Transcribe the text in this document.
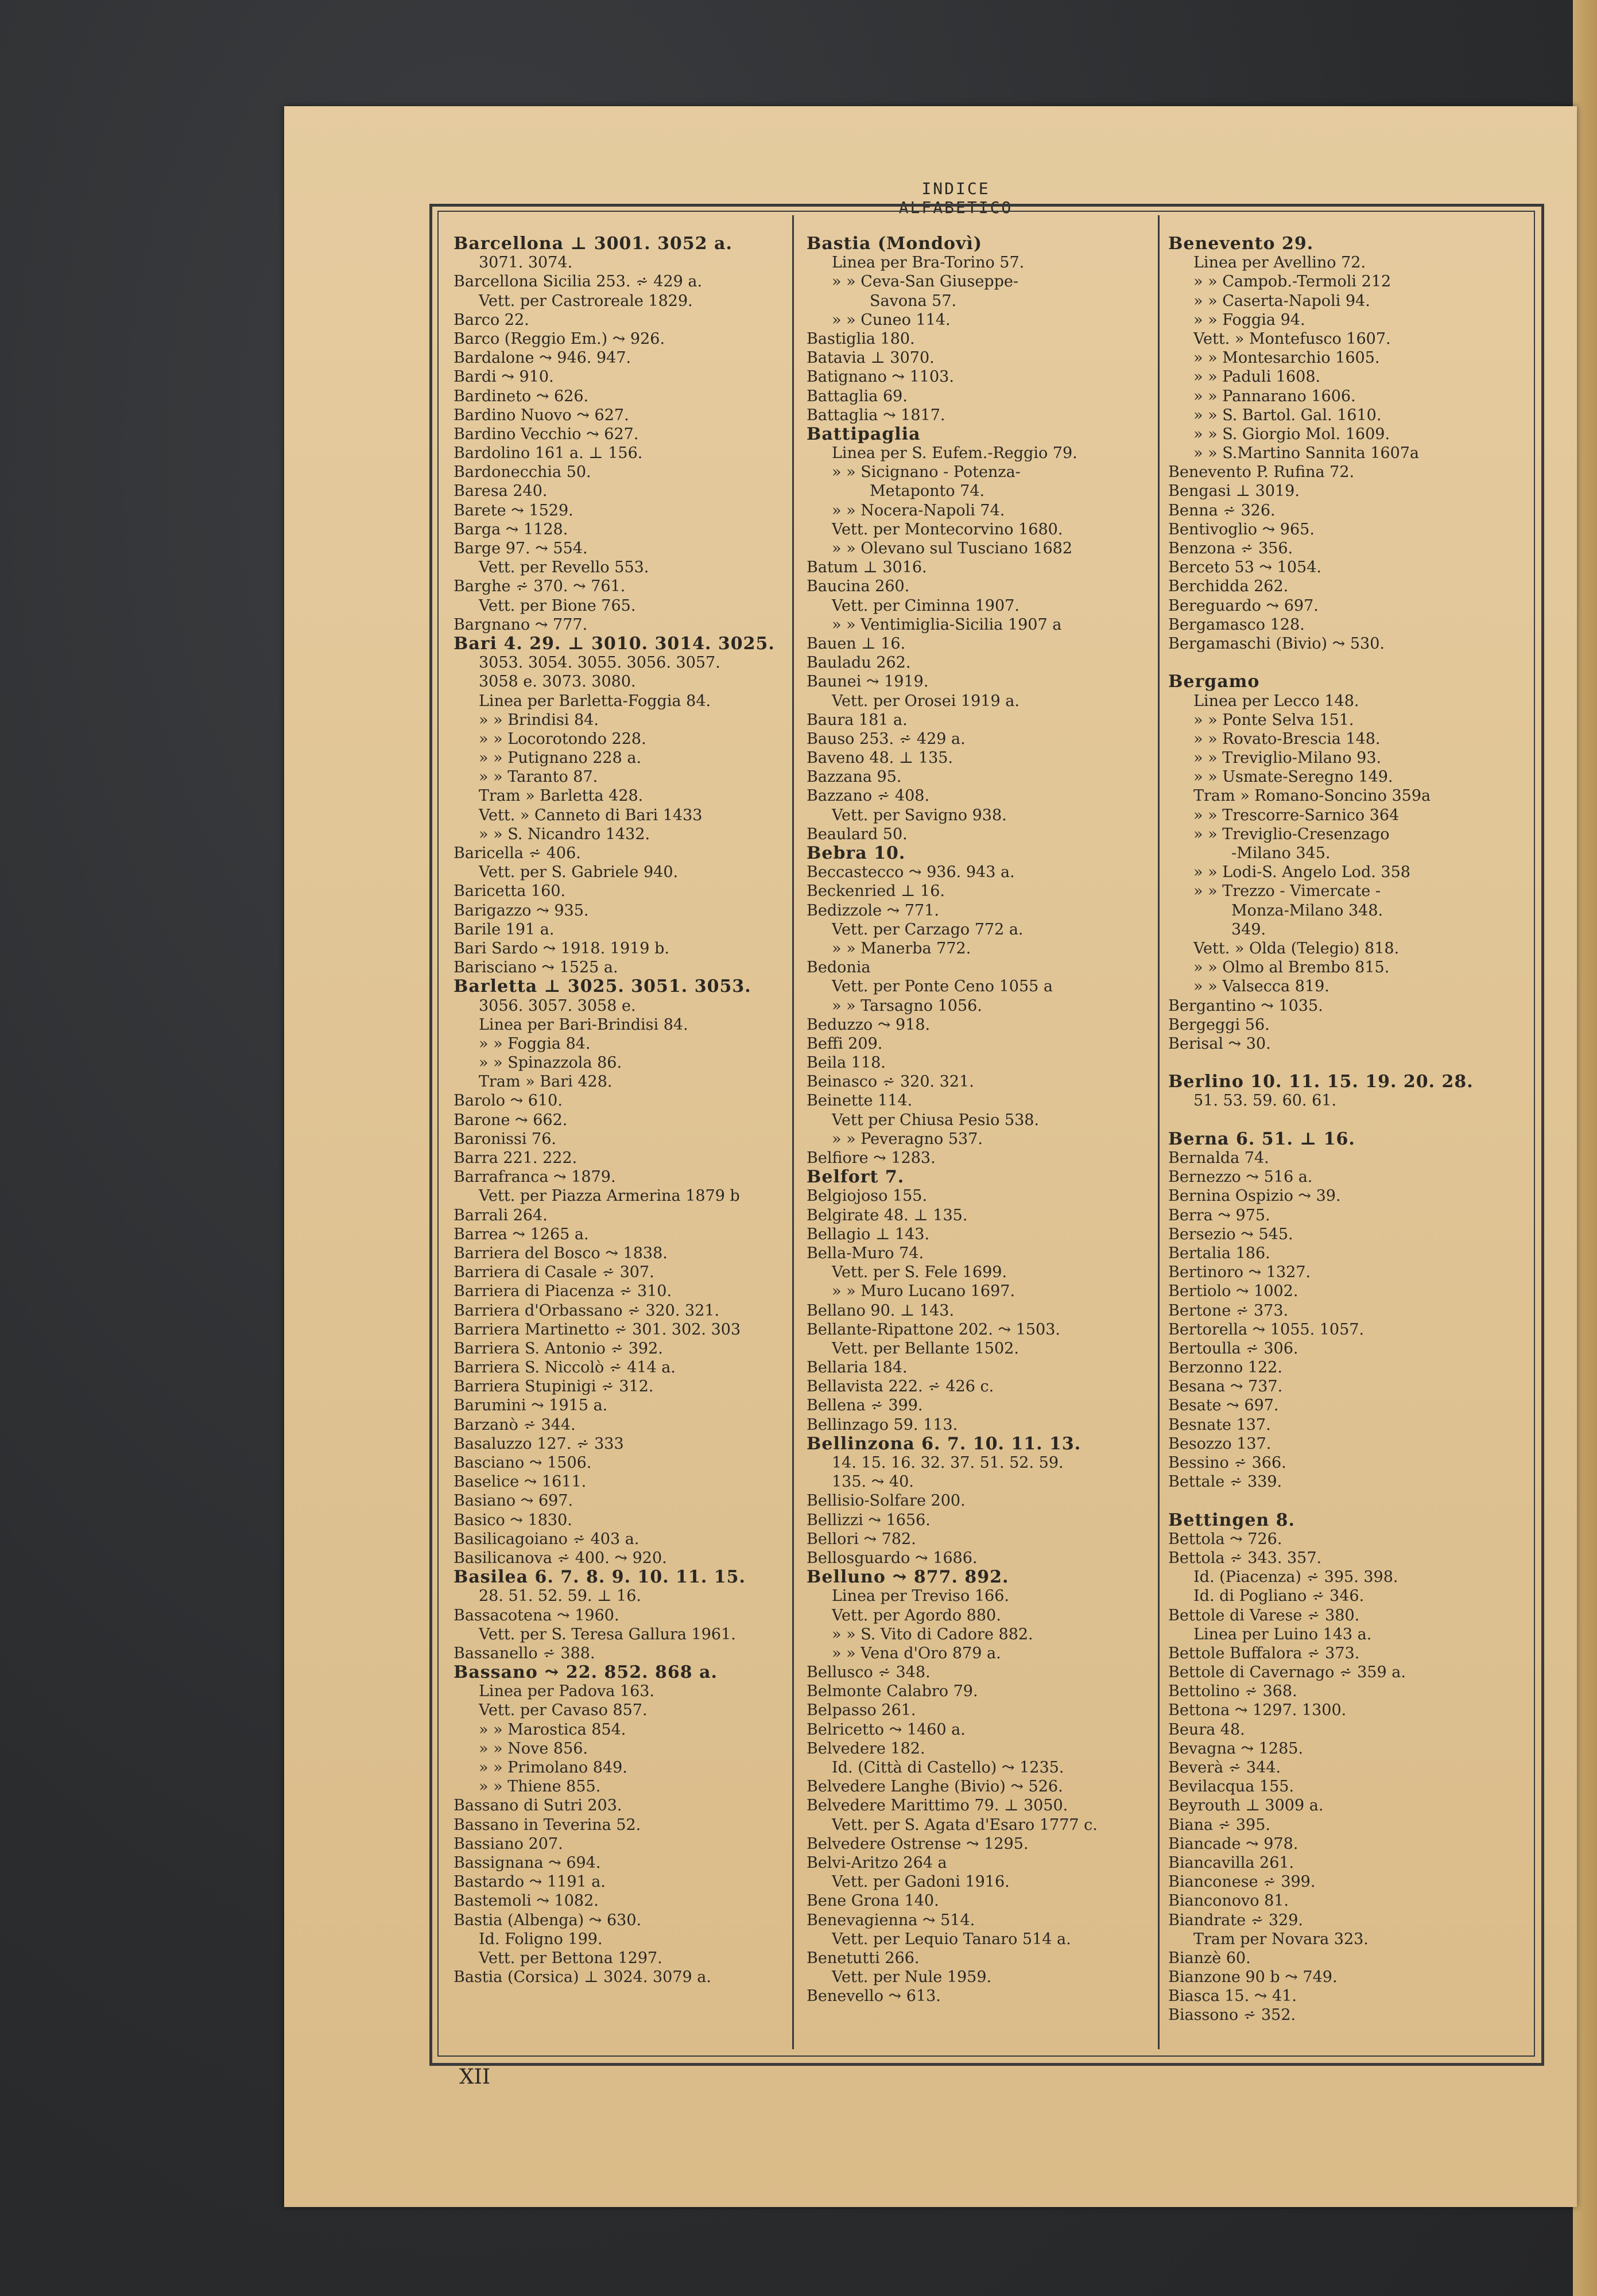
INDICE ALFABETICO
Barcellona ⊥ 3001. 3052 a.
3071. 3074.
Barcellona Sicilia 253. ⩫ 429 a.
Vett. per Castroreale 1829.
Barco 22.
Barco (Reggio Em.) ⤳ 926.
Bardalone ⤳ 946. 947.
Bardi ⤳ 910.
Bardineto ⤳ 626.
Bardino Nuovo ⤳ 627.
Bardino Vecchio ⤳ 627.
Bardolino 161 a. ⊥ 156.
Bardonecchia 50.
Baresa 240.
Barete ⤳ 1529.
Barga ⤳ 1128.
Barge 97. ⤳ 554.
Vett. per Revello 553.
Barghe ⩫ 370. ⤳ 761.
Vett. per Bione 765.
Bargnano ⤳ 777.
Bari 4. 29. ⊥ 3010. 3014. 3025.
3053. 3054. 3055. 3056. 3057.
3058 e. 3073. 3080.
Linea per Barletta-Foggia 84.
» » Brindisi 84.
» » Locorotondo 228.
» » Putignano 228 a.
» » Taranto 87.
Tram » Barletta 428.
Vett. » Canneto di Bari 1433
» » S. Nicandro 1432.
Baricella ⩫ 406.
Vett. per S. Gabriele 940.
Baricetta 160.
Barigazzo ⤳ 935.
Barile 191 a.
Bari Sardo ⤳ 1918. 1919 b.
Barisciano ⤳ 1525 a.
Barletta ⊥ 3025. 3051. 3053.
3056. 3057. 3058 e.
Linea per Bari-Brindisi 84.
» » Foggia 84.
» » Spinazzola 86.
Tram » Bari 428.
Barolo ⤳ 610.
Barone ⤳ 662.
Baronissi 76.
Barra 221. 222.
Barrafranca ⤳ 1879.
Vett. per Piazza Armerina 1879 b
Barrali 264.
Barrea ⤳ 1265 a.
Barriera del Bosco ⤳ 1838.
Barriera di Casale ⩫ 307.
Barriera di Piacenza ⩫ 310.
Barriera d'Orbassano ⩫ 320. 321.
Barriera Martinetto ⩫ 301. 302. 303
Barriera S. Antonio ⩫ 392.
Barriera S. Niccolò ⩫ 414 a.
Barriera Stupinigi ⩫ 312.
Barumini ⤳ 1915 a.
Barzanò ⩫ 344.
Basaluzzo 127. ⩫ 333
Basciano ⤳ 1506.
Baselice ⤳ 1611.
Basiano ⤳ 697.
Basico ⤳ 1830.
Basilicagoiano ⩫ 403 a.
Basilicanova ⩫ 400. ⤳ 920.
Basilea 6. 7. 8. 9. 10. 11. 15.
28. 51. 52. 59. ⊥ 16.
Bassacotena ⤳ 1960.
Vett. per S. Teresa Gallura 1961.
Bassanello ⩫ 388.
Bassano ⤳ 22. 852. 868 a.
Linea per Padova 163.
Vett. per Cavaso 857.
» » Marostica 854.
» » Nove 856.
» » Primolano 849.
» » Thiene 855.
Bassano di Sutri 203.
Bassano in Teverina 52.
Bassiano 207.
Bassignana ⤳ 694.
Bastardo ⤳ 1191 a.
Bastemoli ⤳ 1082.
Bastia (Albenga) ⤳ 630.
Id. Foligno 199.
Vett. per Bettona 1297.
Bastia (Corsica) ⊥ 3024. 3079 a.
Bastia (Mondovì)
Linea per Bra-Torino 57.
» » Ceva-San Giuseppe-
Savona 57.
» » Cuneo 114.
Bastiglia 180.
Batavia ⊥ 3070.
Batignano ⤳ 1103.
Battaglia 69.
Battaglia ⤳ 1817.
Battipaglia
Linea per S. Eufem.-Reggio 79.
» » Sicignano - Potenza-
Metaponto 74.
» » Nocera-Napoli 74.
Vett. per Montecorvino 1680.
» » Olevano sul Tusciano 1682
Batum ⊥ 3016.
Baucina 260.
Vett. per Ciminna 1907.
» » Ventimiglia-Sicilia 1907 a
Bauen ⊥ 16.
Bauladu 262.
Baunei ⤳ 1919.
Vett. per Orosei 1919 a.
Baura 181 a.
Bauso 253. ⩫ 429 a.
Baveno 48. ⊥ 135.
Bazzana 95.
Bazzano ⩫ 408.
Vett. per Savigno 938.
Beaulard 50.
Bebra 10.
Beccastecco ⤳ 936. 943 a.
Beckenried ⊥ 16.
Bedizzole ⤳ 771.
Vett. per Carzago 772 a.
» » Manerba 772.
Bedonia
Vett. per Ponte Ceno 1055 a
» » Tarsagno 1056.
Beduzzo ⤳ 918.
Beffi 209.
Beila 118.
Beinasco ⩫ 320. 321.
Beinette 114.
Vett per Chiusa Pesio 538.
» » Peveragno 537.
Belfiore ⤳ 1283.
Belfort 7.
Belgiojoso 155.
Belgirate 48. ⊥ 135.
Bellagio ⊥ 143.
Bella-Muro 74.
Vett. per S. Fele 1699.
» » Muro Lucano 1697.
Bellano 90. ⊥ 143.
Bellante-Ripattone 202. ⤳ 1503.
Vett. per Bellante 1502.
Bellaria 184.
Bellavista 222. ⩫ 426 c.
Bellena ⩫ 399.
Bellinzago 59. 113.
Bellinzona 6. 7. 10. 11. 13.
14. 15. 16. 32. 37. 51. 52. 59.
135. ⤳ 40.
Bellisio-Solfare 200.
Bellizzi ⤳ 1656.
Bellori ⤳ 782.
Bellosguardo ⤳ 1686.
Belluno ⤳ 877. 892.
Linea per Treviso 166.
Vett. per Agordo 880.
» » S. Vito di Cadore 882.
» » Vena d'Oro 879 a.
Bellusco ⩫ 348.
Belmonte Calabro 79.
Belpasso 261.
Belricetto ⤳ 1460 a.
Belvedere 182.
Id. (Città di Castello) ⤳ 1235.
Belvedere Langhe (Bivio) ⤳ 526.
Belvedere Marittimo 79. ⊥ 3050.
Vett. per S. Agata d'Esaro 1777 c.
Belvedere Ostrense ⤳ 1295.
Belvi-Aritzo 264 a
Vett. per Gadoni 1916.
Bene Grona 140.
Benevagienna ⤳ 514.
Vett. per Lequio Tanaro 514 a.
Benetutti 266.
Vett. per Nule 1959.
Benevello ⤳ 613.
Benevento 29.
Linea per Avellino 72.
» » Campob.-Termoli 212
» » Caserta-Napoli 94.
» » Foggia 94.
Vett. » Montefusco 1607.
» » Montesarchio 1605.
» » Paduli 1608.
» » Pannarano 1606.
» » S. Bartol. Gal. 1610.
» » S. Giorgio Mol. 1609.
» » S.Martino Sannita 1607a
Benevento P. Rufina 72.
Bengasi ⊥ 3019.
Benna ⩫ 326.
Bentivoglio ⤳ 965.
Benzona ⩫ 356.
Berceto 53 ⤳ 1054.
Berchidda 262.
Bereguardo ⤳ 697.
Bergamasco 128.
Bergamaschi (Bivio) ⤳ 530.
Bergamo
Linea per Lecco 148.
» » Ponte Selva 151.
» » Rovato-Brescia 148.
» » Treviglio-Milano 93.
» » Usmate-Seregno 149.
Tram » Romano-Soncino 359a
» » Trescorre-Sarnico 364
» » Treviglio-Cresenzago
-Milano 345.
» » Lodi-S. Angelo Lod. 358
» » Trezzo - Vimercate -
Monza-Milano 348.
349.
Vett. » Olda (Telegio) 818.
» » Olmo al Brembo 815.
» » Valsecca 819.
Bergantino ⤳ 1035.
Bergeggi 56.
Berisal ⤳ 30.
Berlino 10. 11. 15. 19. 20. 28.
51. 53. 59. 60. 61.
Berna 6. 51. ⊥ 16.
Bernalda 74.
Bernezzo ⤳ 516 a.
Bernina Ospizio ⤳ 39.
Berra ⤳ 975.
Bersezio ⤳ 545.
Bertalia 186.
Bertinoro ⤳ 1327.
Bertiolo ⤳ 1002.
Bertone ⩫ 373.
Bertorella ⤳ 1055. 1057.
Bertoulla ⩫ 306.
Berzonno 122.
Besana ⤳ 737.
Besate ⤳ 697.
Besnate 137.
Besozzo 137.
Bessino ⩫ 366.
Bettale ⩫ 339.
Bettingen 8.
Bettola ⤳ 726.
Bettola ⩫ 343. 357.
Id. (Piacenza) ⩫ 395. 398.
Id. di Pogliano ⩫ 346.
Bettole di Varese ⩫ 380.
Linea per Luino 143 a.
Bettole Buffalora ⩫ 373.
Bettole di Cavernago ⩫ 359 a.
Bettolino ⩫ 368.
Bettona ⤳ 1297. 1300.
Beura 48.
Bevagna ⤳ 1285.
Beverà ⩫ 344.
Bevilacqua 155.
Beyrouth ⊥ 3009 a.
Biana ⩫ 395.
Biancade ⤳ 978.
Biancavilla 261.
Bianconese ⩫ 399.
Bianconovo 81.
Biandrate ⩫ 329.
Tram per Novara 323.
Bianzè 60.
Bianzone 90 b ⤳ 749.
Biasca 15. ⤳ 41.
Biassono ⩫ 352.
XII
